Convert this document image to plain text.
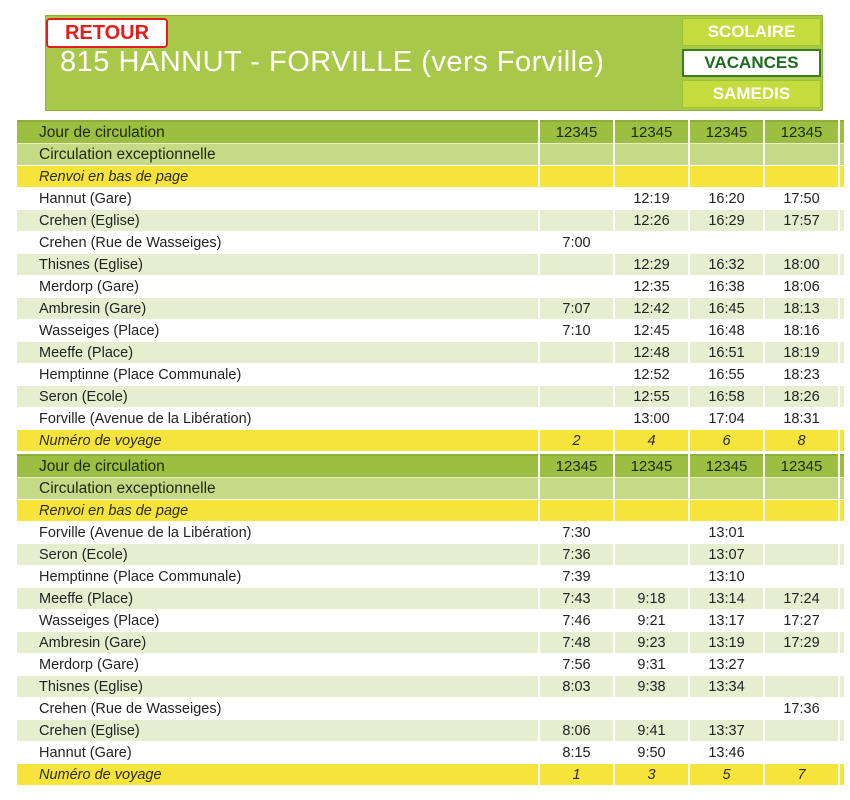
RETOUR
815 HANNUT - FORVILLE (vers Forville)
SCOLAIRE
VACANCES
SAMEDIS
Jour de circulation	12345	12345	12345	12345	
Circulation exceptionnelle					
Renvoi en bas de page					
Hannut (Gare)		12:19	16:20	17:50	
Crehen (Eglise)		12:26	16:29	17:57	
Crehen (Rue de Wasseiges)	7:00				
Thisnes (Eglise)		12:29	16:32	18:00	
Merdorp (Gare)		12:35	16:38	18:06	
Ambresin (Gare)	7:07	12:42	16:45	18:13	
Wasseiges (Place)	7:10	12:45	16:48	18:16	
Meeffe (Place)		12:48	16:51	18:19	
Hemptinne (Place Communale)		12:52	16:55	18:23	
Seron (Ecole)		12:55	16:58	18:26	
Forville (Avenue de la Libération)		13:00	17:04	18:31	
Numéro de voyage	2	4	6	8	
Jour de circulation	12345	12345	12345	12345	
Circulation exceptionnelle					
Renvoi en bas de page					
Forville (Avenue de la Libération)	7:30		13:01		
Seron (Ecole)	7:36		13:07		
Hemptinne (Place Communale)	7:39		13:10		
Meeffe (Place)	7:43	9:18	13:14	17:24	
Wasseiges (Place)	7:46	9:21	13:17	17:27	
Ambresin (Gare)	7:48	9:23	13:19	17:29	
Merdorp (Gare)	7:56	9:31	13:27		
Thisnes (Eglise)	8:03	9:38	13:34		
Crehen (Rue de Wasseiges)				17:36	
Crehen (Eglise)	8:06	9:41	13:37		
Hannut (Gare)	8:15	9:50	13:46		
Numéro de voyage	1	3	5	7	
